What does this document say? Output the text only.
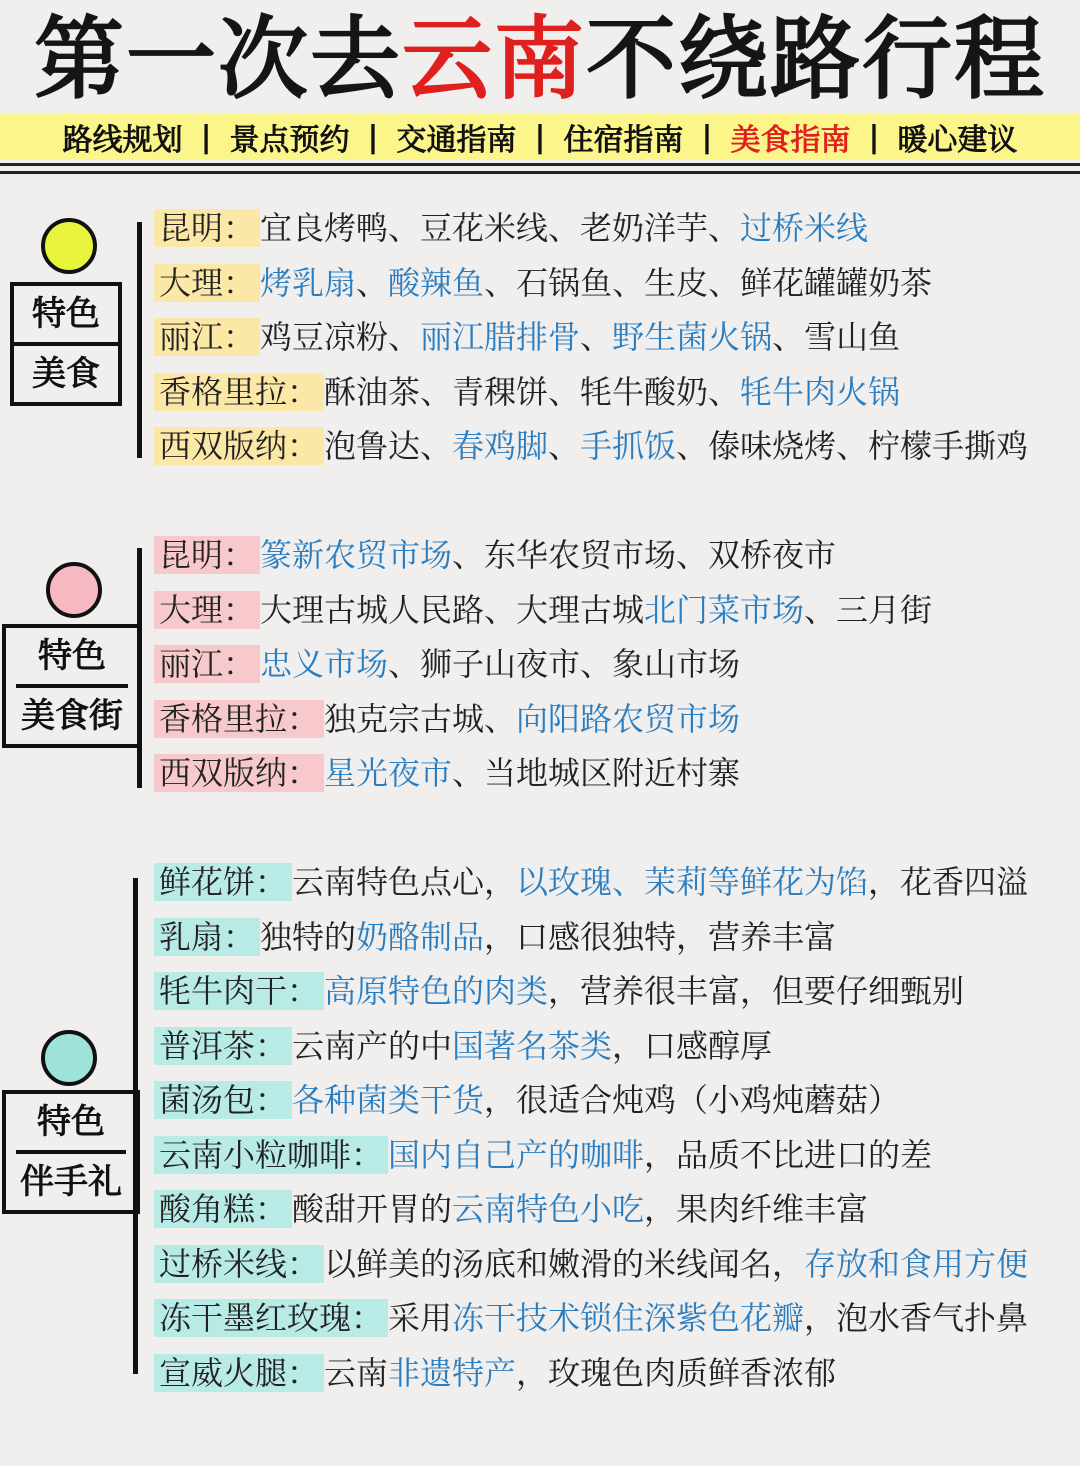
第一次去云南不绕路行程
路线规划 | 景点预约 | 交通指南 | 住宿指南 | 美食指南 | 暖心建议
特色
美食
昆明： 宜良烤鸭、豆花米线、老奶洋芋、过桥米线
大理： 烤乳扇、酸辣鱼、石锅鱼、生皮、鲜花罐罐奶茶
丽江： 鸡豆凉粉、丽江腊排骨、野生菌火锅、雪山鱼
香格里拉： 酥油茶、青稞饼、牦牛酸奶、牦牛肉火锅
西双版纳： 泡鲁达、春鸡脚、手抓饭、傣味烧烤、柠檬手撕鸡
特色
美食街
昆明： 篆新农贸市场、东华农贸市场、双桥夜市
大理： 大理古城人民路、大理古城北门菜市场、三月街
丽江： 忠义市场、狮子山夜市、象山市场
香格里拉： 独克宗古城、向阳路农贸市场
西双版纳： 星光夜市、当地城区附近村寨
特色
伴手礼
鲜花饼： 云南特色点心，以玫瑰、茉莉等鲜花为馅，花香四溢
乳扇： 独特的奶酪制品，口感很独特，营养丰富
牦牛肉干： 高原特色的肉类，营养很丰富，但要仔细甄别
普洱茶： 云南产的中国著名茶类，口感醇厚
菌汤包： 各种菌类干货，很适合炖鸡（小鸡炖蘑菇）
云南小粒咖啡： 国内自己产的咖啡，品质不比进口的差
酸角糕： 酸甜开胃的云南特色小吃，果肉纤维丰富
过桥米线： 以鲜美的汤底和嫩滑的米线闻名，存放和食用方便
冻干墨红玫瑰： 采用冻干技术锁住深紫色花瓣，泡水香气扑鼻
宣威火腿： 云南非遗特产，玫瑰色肉质鲜香浓郁
